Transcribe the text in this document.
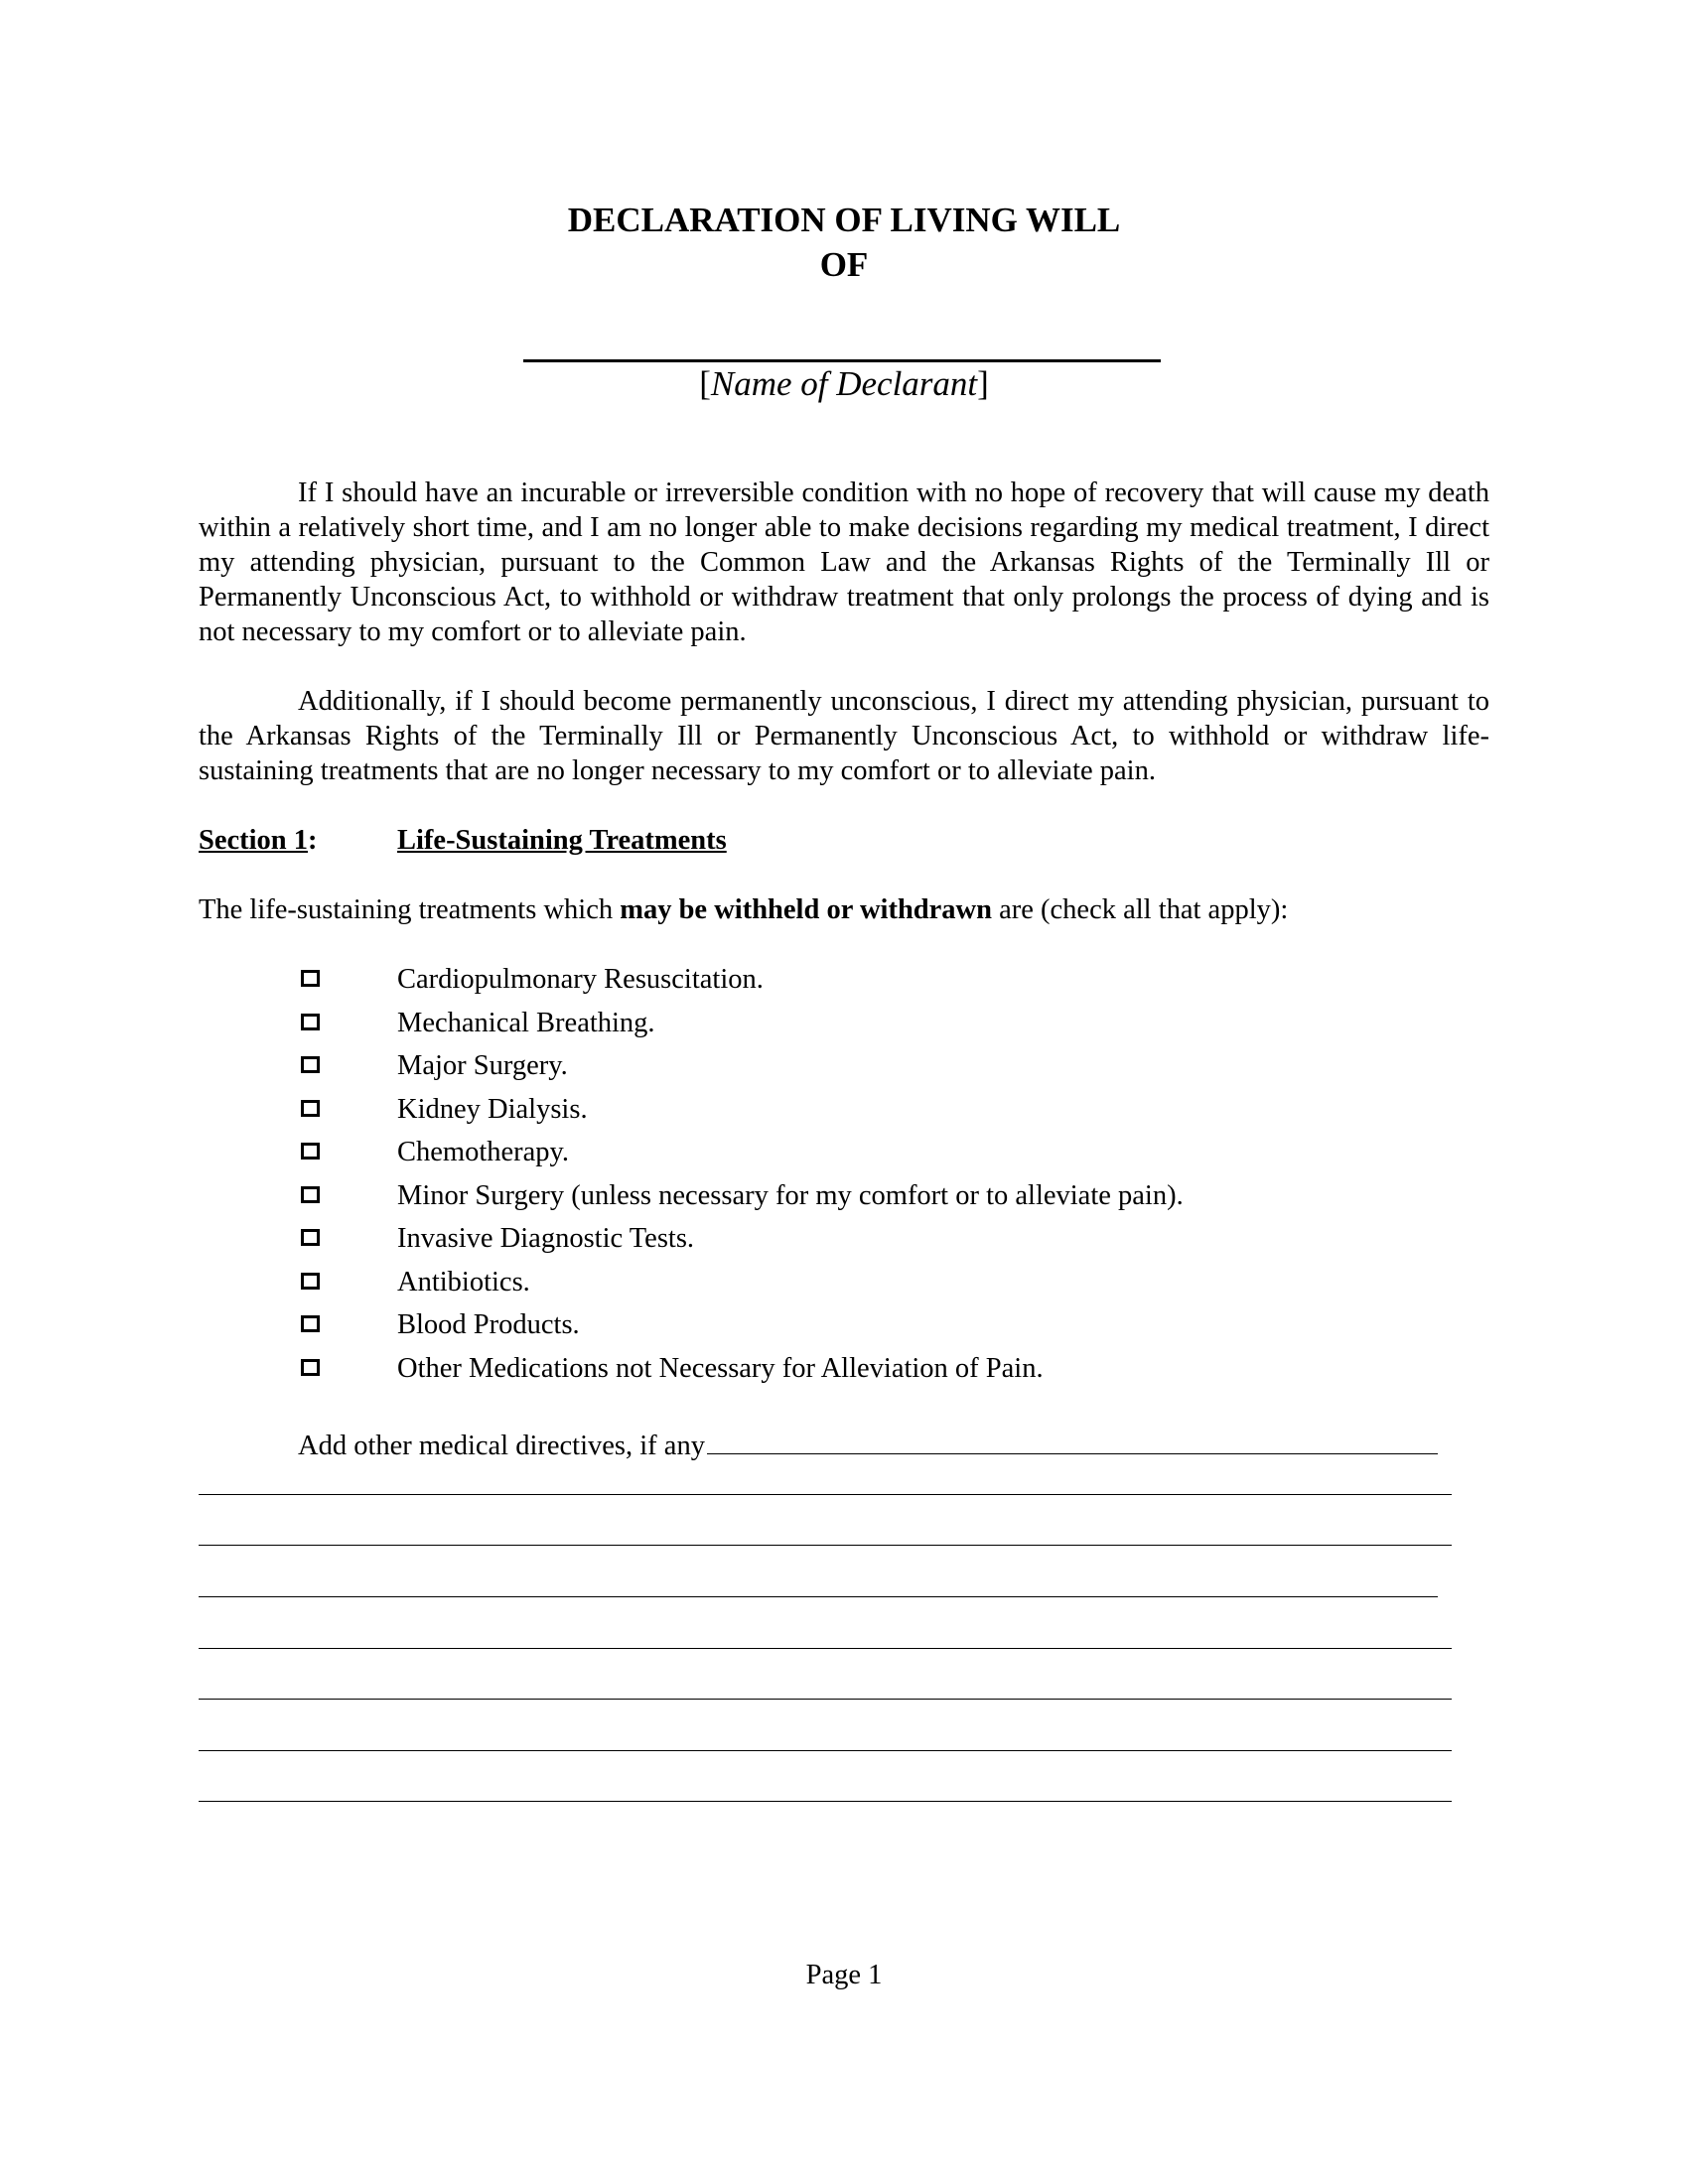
DECLARATION OF LIVING WILL
OF
[Name of Declarant]

If I should have an incurable or irreversible condition with no hope of recovery that will cause my death within a relatively short time, and I am no longer able to make decisions regarding my medical treatment, I direct my attending physician, pursuant to the Common Law and the Arkansas Rights of the Terminally Ill or Permanently Unconscious Act, to withhold or withdraw treatment that only prolongs the process of dying and is not necessary to my comfort or to alleviate pain.

Additionally, if I should become permanently unconscious, I direct my attending physician, pursuant to the Arkansas Rights of the Terminally Ill or Permanently Unconscious Act, to withhold or withdraw life-sustaining treatments that are no longer necessary to my comfort or to alleviate pain.

Section 1:	Life-Sustaining Treatments
The life-sustaining treatments which may be withheld or withdrawn are (check all that apply):
Cardiopulmonary Resuscitation.
Mechanical Breathing.
Major Surgery.
Kidney Dialysis.
Chemotherapy.
Minor Surgery (unless necessary for my comfort or to alleviate pain).
Invasive Diagnostic Tests.
Antibiotics.
Blood Products.
Other Medications not Necessary for Alleviation of Pain.
Add other medical directives, if any
Page 1
